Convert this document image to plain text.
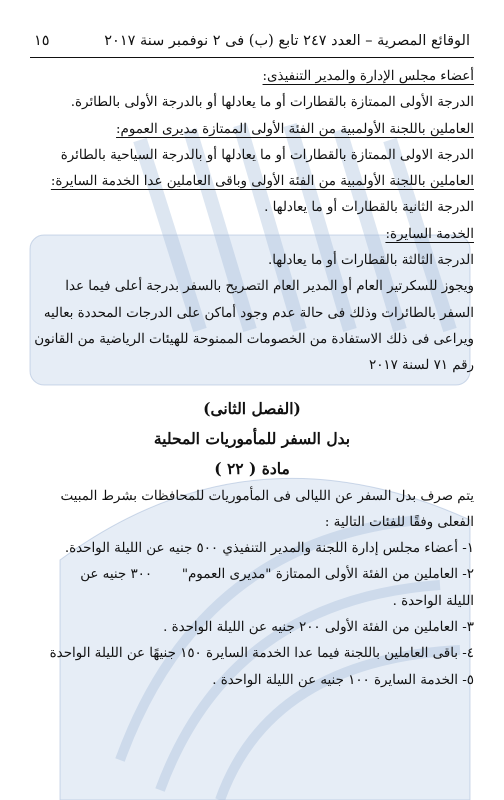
الوقائع المصرية – العدد ٢٤٧ تابع (ب) فى ٢ نوفمبر سنة ٢٠١٧
١٥
أعضاء مجلس الإدارة والمدير التنفيذى:
الدرجة الأولى الممتازة بالقطارات أو ما يعادلها أو بالدرجة الأولى بالطائرة.
العاملين باللجنة الأولمبية من الفئة الأولى الممتازة مديرى العموم:
الدرجة الاولى الممتازة بالقطارات أو ما يعادلها أو بالدرجة السياحية بالطائرة
العاملين باللجنة الأولمبية من الفئة الأولى وباقى العاملين عدا الخدمة السايرة:
الدرجة الثانية بالقطارات أو ما يعادلها .
الخدمة السايرة:
الدرجة الثالثة بالقطارات أو ما يعادلها.
ويجوز للسكرتير العام أو المدير العام التصريح بالسفر بدرجة أعلى فيما عدا
السفر بالطائرات وذلك فى حالة عدم وجود أماكن على الدرجات المحددة بعاليه
ويراعى فى ذلك الاستفادة من الخصومات الممنوحة للهيئات الرياضية من القانون
رقم ٧١ لسنة ٢٠١٧
(الفصل الثانى)
بدل السفر للمأموريات المحلية
مادة ( ٢٢ )
يتم صرف بدل السفر عن الليالى فى المأموريات للمحافظات بشرط المبيت
الفعلى وفقًا للفئات التالية :
١- أعضاء مجلس إدارة اللجنة والمدير التنفيذي ٥٠٠ جنيه عن الليلة الواحدة.
٢- العاملين من الفئة الأولى الممتازة "مديرى العموم"       ٣٠٠ جنيه عن
الليلة الواحدة .
٣- العاملين من الفئة الأولى ٢٠٠ جنيه عن الليلة الواحدة .
٤- باقى العاملين باللجنة فيما عدا الخدمة السايرة ١٥٠ جنيهًا عن الليلة الواحدة
٥- الخدمة السايرة ١٠٠ جنيه عن الليلة الواحدة .
